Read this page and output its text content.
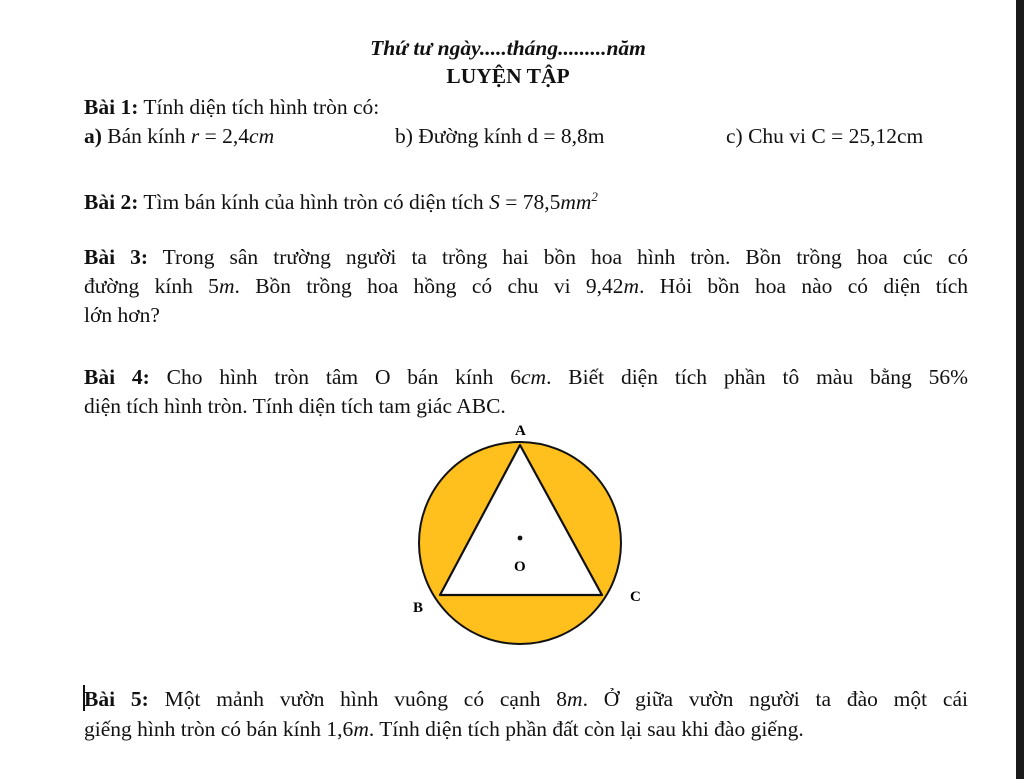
Thứ tư ngày.....tháng.........năm
LUYỆN TẬP
Bài 1: Tính diện tích hình tròn có:
a) Bán kính r = 2,4cm	b) Đường kính d = 8,8m	c) Chu vi C = 25,12cm
Bài 2: Tìm bán kính của hình tròn có diện tích $S = 78,5mm^2$
Bài 3: Trong sân trường người ta trồng hai bồn hoa hình tròn. Bồn trồng hoa cúc có
đường kính 5m. Bồn trồng hoa hồng có chu vi 9,42m. Hỏi bồn hoa nào có diện tích
lớn hơn?
Bài 4: Cho hình tròn tâm O bán kính 6cm. Biết diện tích phần tô màu bằng 56%
diện tích hình tròn. Tính diện tích tam giác ABC.
A
B
C
O
Bài 5: Một mảnh vườn hình vuông có cạnh 8m. Ở giữa vườn người ta đào một cái
giếng hình tròn có bán kính 1,6m. Tính diện tích phần đất còn lại sau khi đào giếng.
